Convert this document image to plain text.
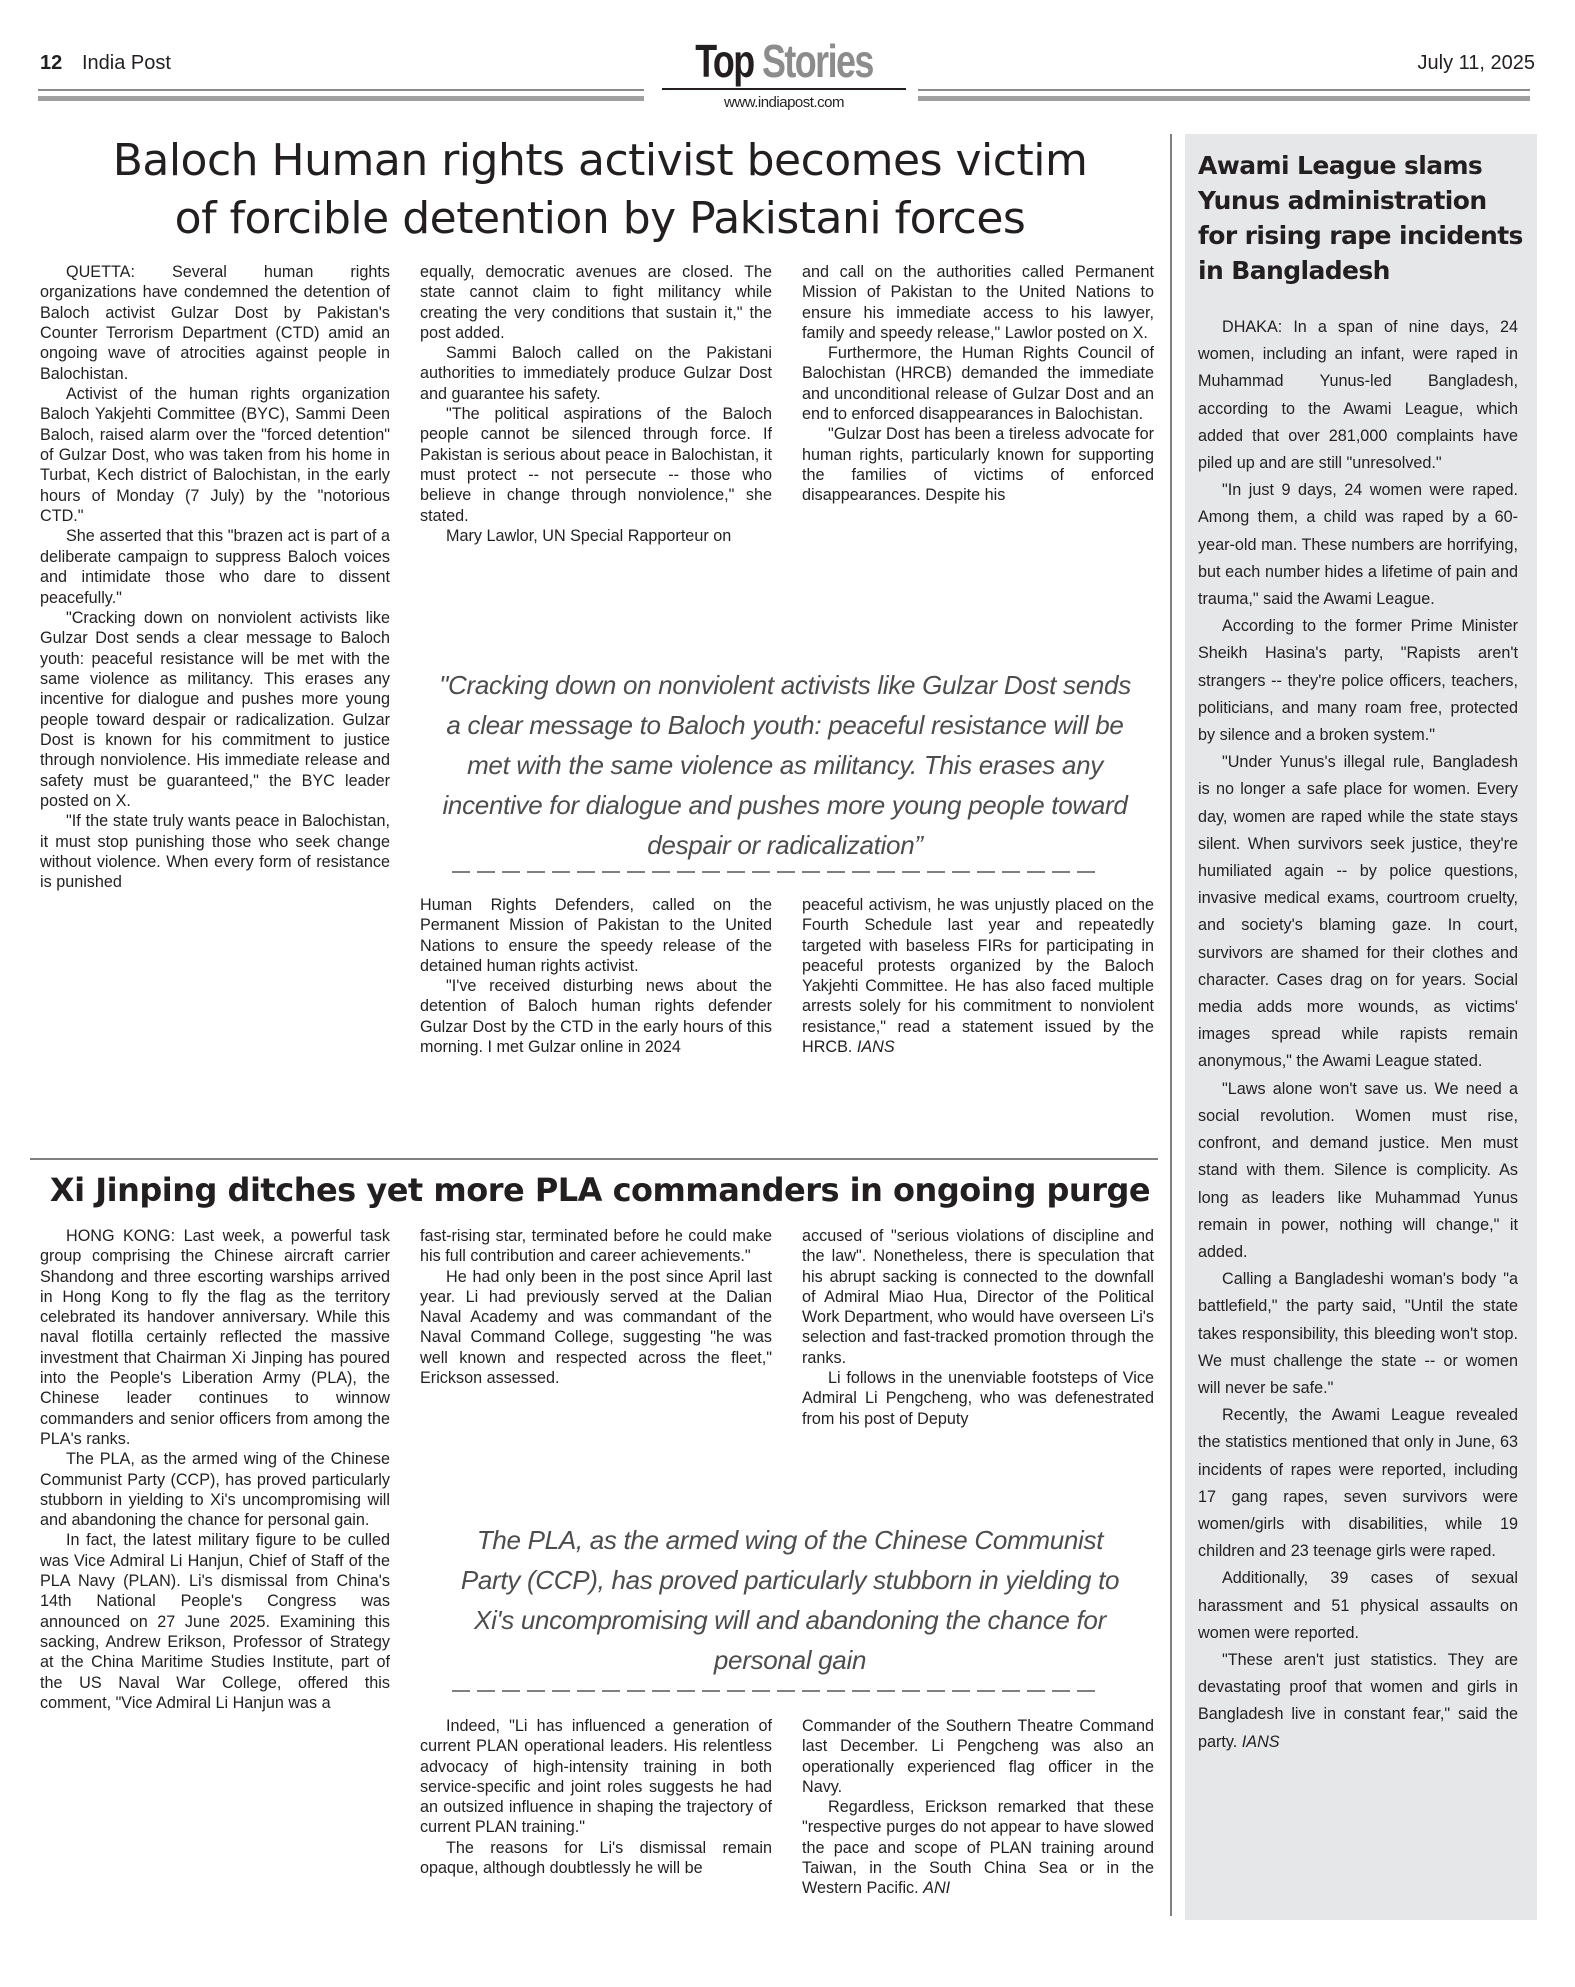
12 India Post	July 11, 2025
Top Stories
www.indiapost.com
Baloch Human rights activist becomes victim
of forcible detention by Pakistani forces

QUETTA: Several human rights organizations have condemned the detention of Baloch activist Gulzar Dost by Pakistan's Counter Terrorism Department (CTD) amid an ongoing wave of atrocities against people in Balochistan.

Activist of the human rights organization Baloch Yakjehti Committee (BYC), Sammi Deen Baloch, raised alarm over the "forced detention" of Gulzar Dost, who was taken from his home in Turbat, Kech district of Balochistan, in the early hours of Monday (7 July) by the "notorious CTD."

She asserted that this "brazen act is part of a deliberate campaign to suppress Baloch voices and intimidate those who dare to dissent peacefully."

"Cracking down on nonviolent activists like Gulzar Dost sends a clear message to Baloch youth: peaceful resistance will be met with the same violence as militancy. This erases any incentive for dialogue and pushes more young people toward despair or radicalization. Gulzar Dost is known for his commitment to justice through nonviolence. His immediate release and safety must be guaranteed," the BYC leader posted on X.

"If the state truly wants peace in Balochistan, it must stop punishing those who seek change without violence. When every form of resistance is punished

equally, democratic avenues are closed. The state cannot claim to fight militancy while creating the very conditions that sustain it," the post added.

Sammi Baloch called on the Pakistani authorities to immediately produce Gulzar Dost and guarantee his safety.

"The political aspirations of the Baloch people cannot be silenced through force. If Pakistan is serious about peace in Balochistan, it must protect -- not persecute -- those who believe in change through nonviolence," she stated.

Mary Lawlor, UN Special Rapporteur on

and call on the authorities called Permanent Mission of Pakistan to the United Nations to ensure his immediate access to his lawyer, family and speedy release," Lawlor posted on X.

Furthermore, the Human Rights Council of Balochistan (HRCB) demanded the immediate and unconditional release of Gulzar Dost and an end to enforced disappearances in Balochistan.

"Gulzar Dost has been a tireless advocate for human rights, particularly known for supporting the families of victims of enforced disappearances. Despite his

"Cracking down on nonviolent activists like Gulzar Dost sends a clear message to Baloch youth: peaceful resistance will be met with the same violence as militancy. This erases any incentive for dialogue and pushes more young people toward despair or radicalization”

Human Rights Defenders, called on the Permanent Mission of Pakistan to the United Nations to ensure the speedy release of the detained human rights activist.

"I've received disturbing news about the detention of Baloch human rights defender Gulzar Dost by the CTD in the early hours of this morning. I met Gulzar online in 2024

peaceful activism, he was unjustly placed on the Fourth Schedule last year and repeatedly targeted with baseless FIRs for participating in peaceful protests organized by the Baloch Yakjehti Committee. He has also faced multiple arrests solely for his commitment to nonviolent resistance," read a statement issued by the HRCB. IANS

Xi Jinping ditches yet more PLA commanders in ongoing purge

HONG KONG: Last week, a powerful task group comprising the Chinese aircraft carrier Shandong and three escorting warships arrived in Hong Kong to fly the flag as the territory celebrated its handover anniversary. While this naval flotilla certainly reflected the massive investment that Chairman Xi Jinping has poured into the People's Liberation Army (PLA), the Chinese leader continues to winnow commanders and senior officers from among the PLA's ranks.

The PLA, as the armed wing of the Chinese Communist Party (CCP), has proved particularly stubborn in yielding to Xi's uncompromising will and abandoning the chance for personal gain.

In fact, the latest military figure to be culled was Vice Admiral Li Hanjun, Chief of Staff of the PLA Navy (PLAN). Li's dismissal from China's 14th National People's Congress was announced on 27 June 2025. Examining this sacking, Andrew Erikson, Professor of Strategy at the China Maritime Studies Institute, part of the US Naval War College, offered this comment, "Vice Admiral Li Hanjun was a

fast-rising star, terminated before he could make his full contribution and career achievements."

He had only been in the post since April last year. Li had previously served at the Dalian Naval Academy and was commandant of the Naval Command College, suggesting "he was well known and respected across the fleet," Erickson assessed.

accused of "serious violations of discipline and the law". Nonetheless, there is speculation that his abrupt sacking is connected to the downfall of Admiral Miao Hua, Director of the Political Work Department, who would have overseen Li's selection and fast-tracked promotion through the ranks.

Li follows in the unenviable footsteps of Vice Admiral Li Pengcheng, who was defenestrated from his post of Deputy

The PLA, as the armed wing of the Chinese Communist Party (CCP), has proved particularly stubborn in yielding to Xi's uncompromising will and abandoning the chance for personal gain

Indeed, "Li has influenced a generation of current PLAN operational leaders. His relentless advocacy of high-intensity training in both service-specific and joint roles suggests he had an outsized influence in shaping the trajectory of current PLAN training."

The reasons for Li's dismissal remain opaque, although doubtlessly he will be

Commander of the Southern Theatre Command last December. Li Pengcheng was also an operationally experienced flag officer in the Navy.

Regardless, Erickson remarked that these "respective purges do not appear to have slowed the pace and scope of PLAN training around Taiwan, in the South China Sea or in the Western Pacific. ANI

Awami League slams Yunus administration for rising rape incidents in Bangladesh

DHAKA: In a span of nine days, 24 women, including an infant, were raped in Muhammad Yunus-led Bangladesh, according to the Awami League, which added that over 281,000 complaints have piled up and are still "unresolved."

"In just 9 days, 24 women were raped. Among them, a child was raped by a 60-year-old man. These numbers are horrifying, but each number hides a lifetime of pain and trauma," said the Awami League.

According to the former Prime Minister Sheikh Hasina's party, "Rapists aren't strangers -- they're police officers, teachers, politicians, and many roam free, protected by silence and a broken system."

"Under Yunus's illegal rule, Bangladesh is no longer a safe place for women. Every day, women are raped while the state stays silent. When survivors seek justice, they're humiliated again -- by police questions, invasive medical exams, courtroom cruelty, and society's blaming gaze. In court, survivors are shamed for their clothes and character. Cases drag on for years. Social media adds more wounds, as victims' images spread while rapists remain anonymous," the Awami League stated.

"Laws alone won't save us. We need a social revolution. Women must rise, confront, and demand justice. Men must stand with them. Silence is complicity. As long as leaders like Muhammad Yunus remain in power, nothing will change," it added.

Calling a Bangladeshi woman's body "a battlefield," the party said, "Until the state takes responsibility, this bleeding won't stop. We must challenge the state -- or women will never be safe."

Recently, the Awami League revealed the statistics mentioned that only in June, 63 incidents of rapes were reported, including 17 gang rapes, seven survivors were women/girls with disabilities, while 19 children and 23 teenage girls were raped.

Additionally, 39 cases of sexual harassment and 51 physical assaults on women were reported.

"These aren't just statistics. They are devastating proof that women and girls in Bangladesh live in constant fear," said the party. IANS
